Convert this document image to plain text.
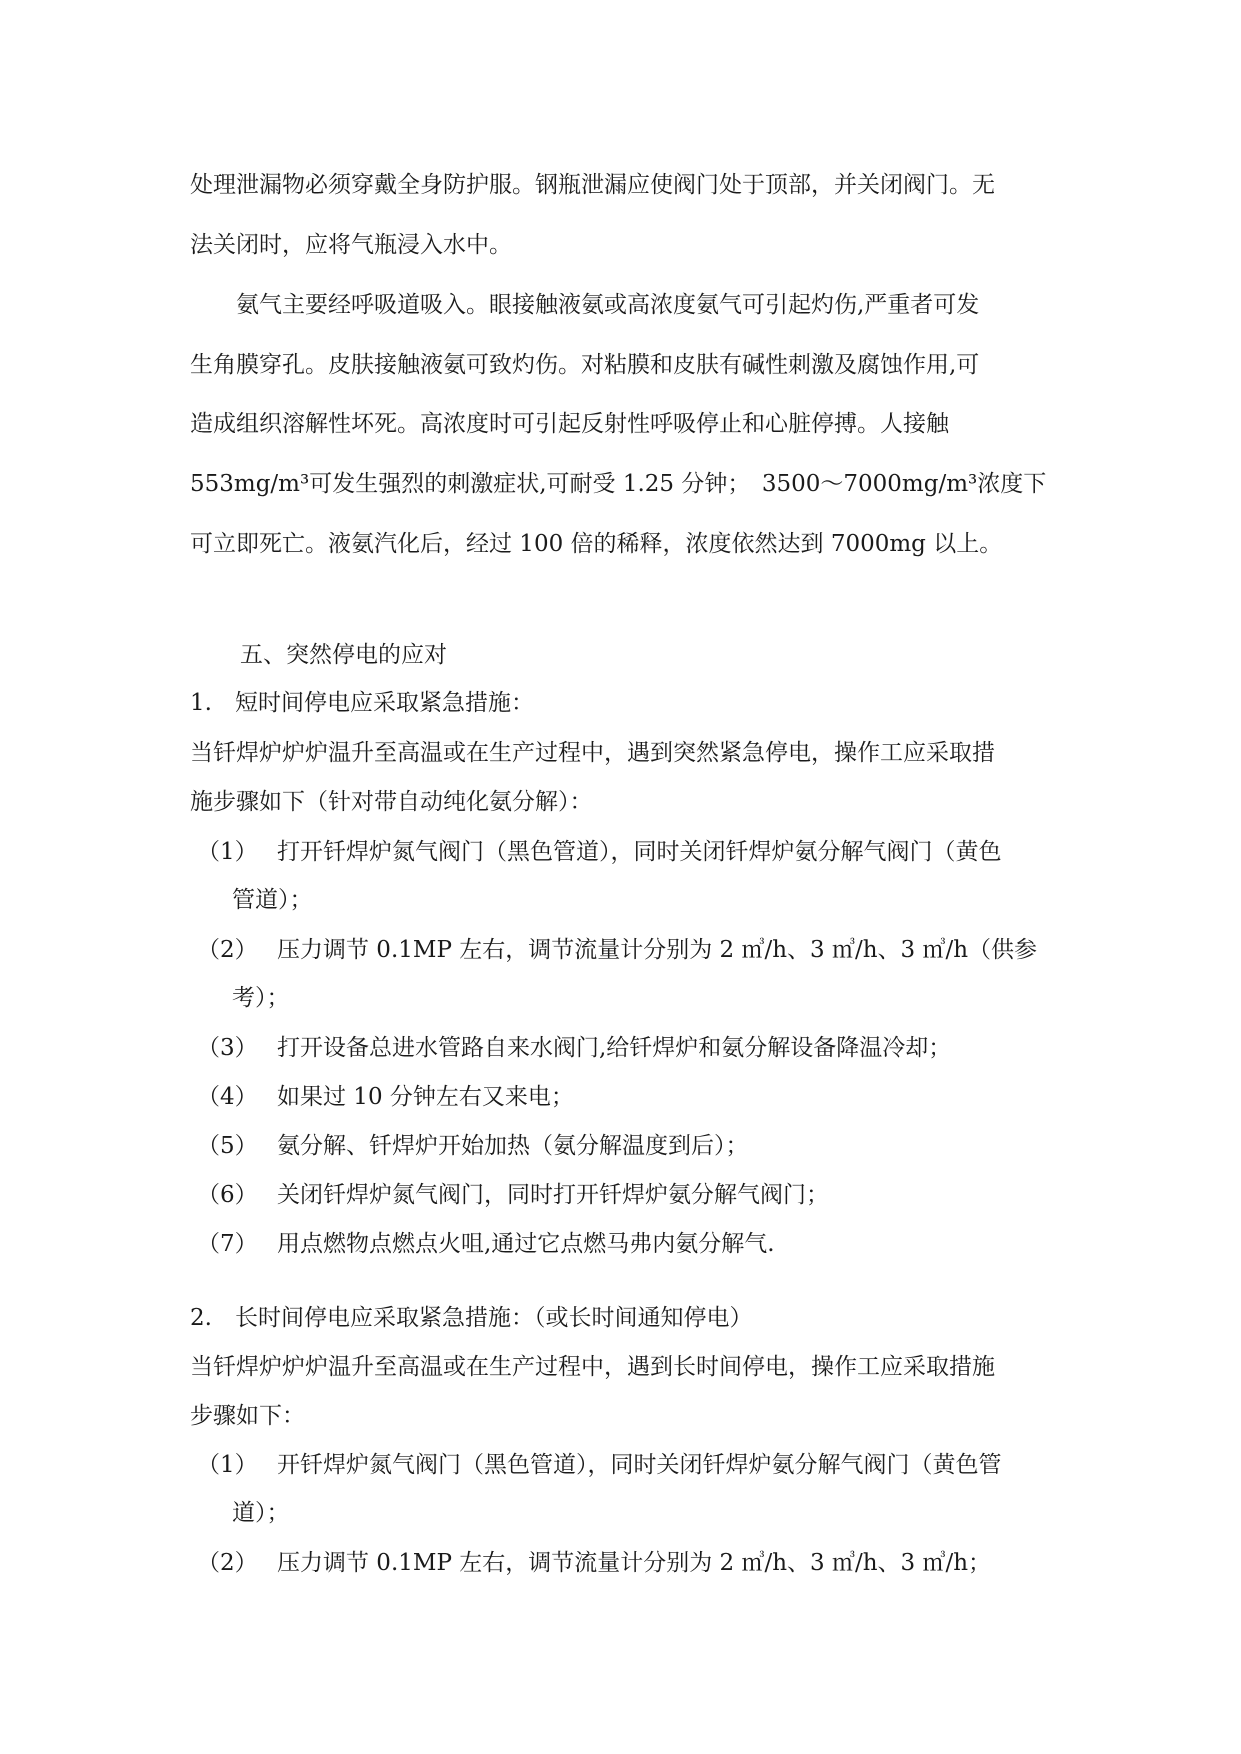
处理泄漏物必须穿戴全身防护服。钢瓶泄漏应使阀门处于顶部，并关闭阀门。无
法关闭时，应将气瓶浸入水中。
　　氨气主要经呼吸道吸入。眼接触液氨或高浓度氨气可引起灼伤,严重者可发
生角膜穿孔。皮肤接触液氨可致灼伤。对粘膜和皮肤有碱性刺激及腐蚀作用,可
造成组织溶解性坏死。高浓度时可引起反射性呼吸停止和心脏停搏。人接触
553mg/m³可发生强烈的刺激症状,可耐受 1.25 分钟；　3500～7000mg/m³浓度下
可立即死亡。液氨汽化后，经过 100 倍的稀释，浓度依然达到 7000mg 以上。
五、突然停电的应对
1.　短时间停电应采取紧急措施：
当钎焊炉炉炉温升至高温或在生产过程中，遇到突然紧急停电，操作工应采取措
施步骤如下（针对带自动纯化氨分解）：
（1） 打开钎焊炉氮气阀门（黑色管道），同时关闭钎焊炉氨分解气阀门（黄色
管道）；
（2） 压力调节 0.1MP 左右，调节流量计分别为 2 ㎥/h、3 ㎥/h、3 ㎥/h（供参
考）；
（3） 打开设备总进水管路自来水阀门,给钎焊炉和氨分解设备降温冷却；
（4） 如果过 10 分钟左右又来电；
（5） 氨分解、钎焊炉开始加热（氨分解温度到后）；
（6） 关闭钎焊炉氮气阀门，同时打开钎焊炉氨分解气阀门；
（7） 用点燃物点燃点火咀,通过它点燃马弗内氨分解气.
2.　长时间停电应采取紧急措施：（或长时间通知停电）
当钎焊炉炉炉温升至高温或在生产过程中，遇到长时间停电，操作工应采取措施
步骤如下：
（1） 开钎焊炉氮气阀门（黑色管道），同时关闭钎焊炉氨分解气阀门（黄色管
道）；
（2） 压力调节 0.1MP 左右，调节流量计分别为 2 ㎥/h、3 ㎥/h、3 ㎥/h；
